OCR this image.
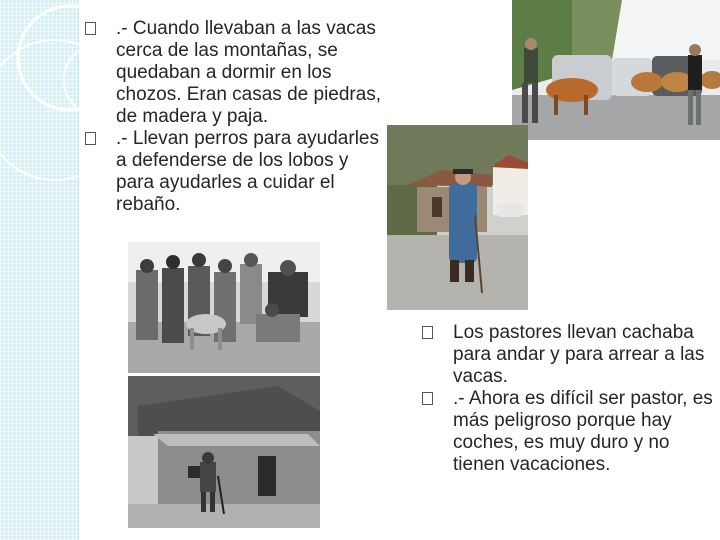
.- Cuando llevaban a las vacas cerca de las montañas, se quedaban a dormir en los chozos. Eran casas de piedras, de madera y paja.

.- Llevan perros para ayudarles a defenderse de los lobos y para ayudarles a cuidar el rebaño.

Los pastores llevan cachaba para andar y para arrear a las vacas.

.- Ahora es difícil ser pastor, es más peligroso porque hay coches, es muy duro y no tienen vacaciones.
